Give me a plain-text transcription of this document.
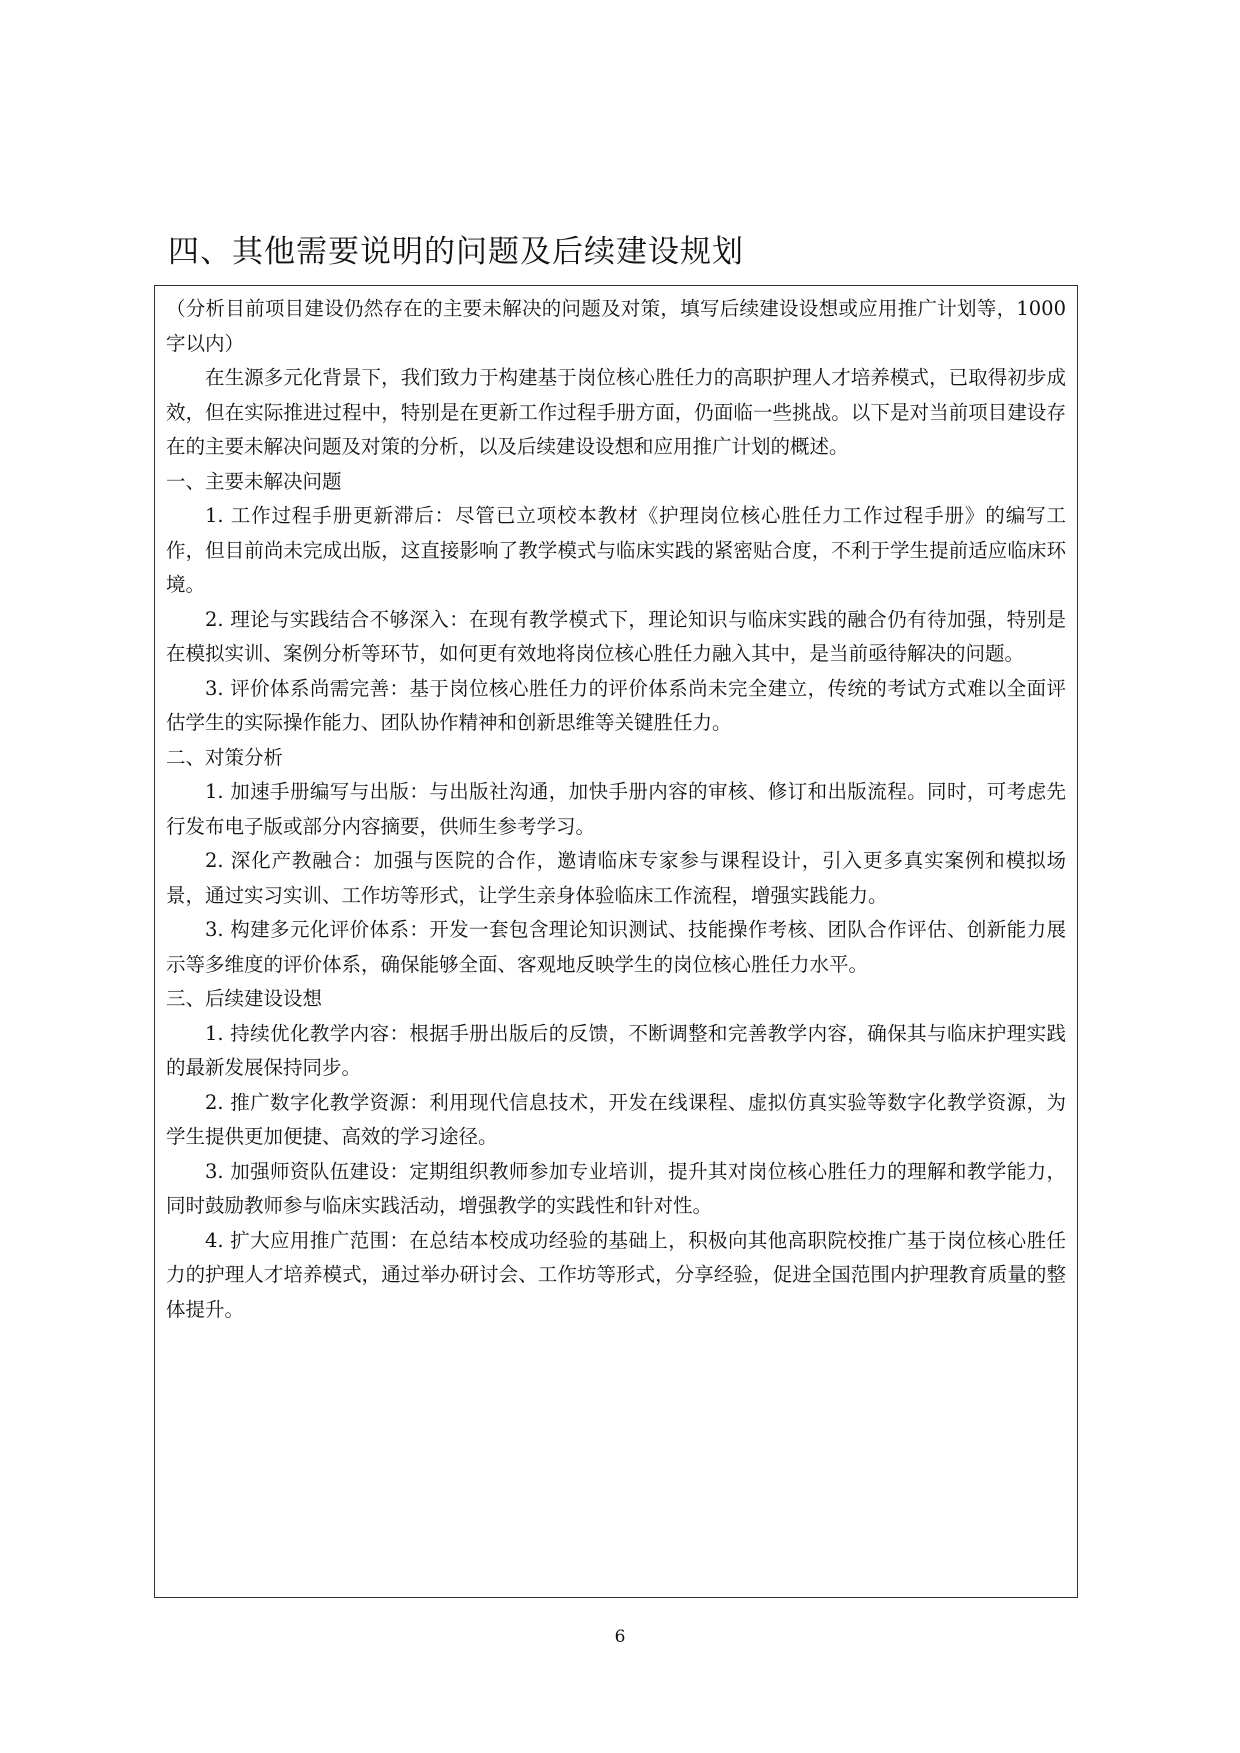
四、其他需要说明的问题及后续建设规划

（分析目前项目建设仍然存在的主要未解决的问题及对策，填写后续建设设想或应用推广计划等，1000 字以内）

在生源多元化背景下，我们致力于构建基于岗位核心胜任力的高职护理人才培养模式，已取得初步成效，但在实际推进过程中，特别是在更新工作过程手册方面，仍面临一些挑战。以下是对当前项目建设存在的主要未解决问题及对策的分析，以及后续建设设想和应用推广计划的概述。

一、主要未解决问题

1. 工作过程手册更新滞后：尽管已立项校本教材《护理岗位核心胜任力工作过程手册》的编写工作，但目前尚未完成出版，这直接影响了教学模式与临床实践的紧密贴合度，不利于学生提前适应临床环境。

2. 理论与实践结合不够深入：在现有教学模式下，理论知识与临床实践的融合仍有待加强，特别是在模拟实训、案例分析等环节，如何更有效地将岗位核心胜任力融入其中，是当前亟待解决的问题。

3. 评价体系尚需完善：基于岗位核心胜任力的评价体系尚未完全建立，传统的考试方式难以全面评估学生的实际操作能力、团队协作精神和创新思维等关键胜任力。

二、对策分析

1. 加速手册编写与出版：与出版社沟通，加快手册内容的审核、修订和出版流程。同时，可考虑先行发布电子版或部分内容摘要，供师生参考学习。

2. 深化产教融合：加强与医院的合作，邀请临床专家参与课程设计，引入更多真实案例和模拟场景，通过实习实训、工作坊等形式，让学生亲身体验临床工作流程，增强实践能力。

3. 构建多元化评价体系：开发一套包含理论知识测试、技能操作考核、团队合作评估、创新能力展示等多维度的评价体系，确保能够全面、客观地反映学生的岗位核心胜任力水平。

三、后续建设设想

1. 持续优化教学内容：根据手册出版后的反馈，不断调整和完善教学内容，确保其与临床护理实践的最新发展保持同步。

2. 推广数字化教学资源：利用现代信息技术，开发在线课程、虚拟仿真实验等数字化教学资源，为学生提供更加便捷、高效的学习途径。

3. 加强师资队伍建设：定期组织教师参加专业培训，提升其对岗位核心胜任力的理解和教学能力，同时鼓励教师参与临床实践活动，增强教学的实践性和针对性。

4. 扩大应用推广范围：在总结本校成功经验的基础上，积极向其他高职院校推广基于岗位核心胜任力的护理人才培养模式，通过举办研讨会、工作坊等形式，分享经验，促进全国范围内护理教育质量的整体提升。

6
